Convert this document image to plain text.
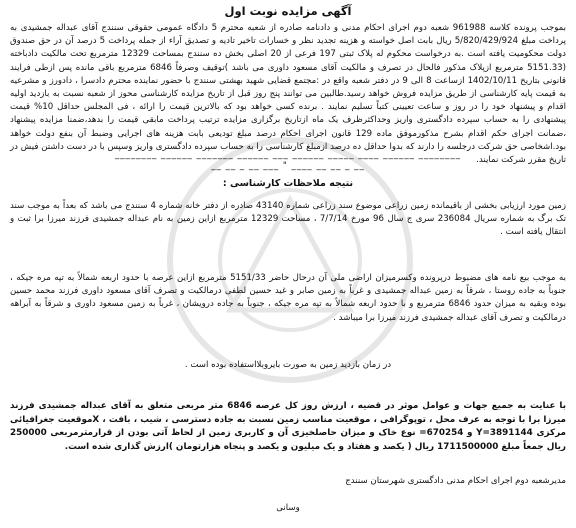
آگهی مزایده نوبت اول

بموجب پرونده کلاسه 961988 شعبه دوم اجرای احکام مدنی و دادنامه صادره از شعبه محترم 5 دادگاه عمومی حقوقی سنندج آقای عبداله جمشیدی به پرداخت مبلغ 5/820/429/924 ریال بابت اصل خواسته و هزینه تجدید نظر و خسارات تاخیر تادیه و تصدیق آراء از جمله پرداخت 5 درصد آن در حق صندوق دولت محکومیت یافته است .به درخواست محکوم له پلاک ثبتی 197 فرعی از 20 اصلی بخش ده سنندج بمساحت 12329 مترمربع تحت مالکیت دادباخته (5151.33 مترمربع ازپلاک مذکور فالحال در تصرف و مالکیت آقای مسعود داوری می باشد )توقیف وصرفاً 6846 مترمربع باقی مانده پس ازطی فرایند قانونی بتاریخ 1402/10/11 ازساعت 8 الی 9 در دفتر شعبه واقع در :مجتمع قضایی شهید بهشتی سنندج با حضور نماینده محترم دادسرا ، دادورز و مشرعیه به قیمت پایه کارشناسی از طریق مزایده فروش خواهد رسید.طالبین می توانند پنج روز قبل از تاریخ مزایده کارشناسی محوز از شعبه نسبت به بازدید اولیه اقدام و پیشنهاد خود را در روز و ساعت تعیینی کتباً تسلیم نمایند . برنده کسی خواهد بود که بالاترین قیمت را ارائه ، فی المجلس حداقل 10% قیمت پیشنهادی را به حساب سپرده دادگستری واریز وحداکثرظرف یک ماه ازتاریخ برگزاری مزایده ترتیب پرداخت مابقی قیمت را بدهد،ضمنا مزایده پیشنهاد ،ضمانت اجرای حکم اقدام بشرح مذکورموفق ماده 129 قانون اجرای احکام درصد مبلغ تودیعی بابت هزینه های اجرایی وضبط آن بنفع دولت خواهد بود.اشخاصی حق شرکت درجلسه را دارند که بدوا حداقل ده درصد ازمبلغ کارشناسی را به حساب سپرده دادگستری واریز وسپس با در دست داشتن فیش در تاریخ مقرر شرکت نمایند.

________ ______ ____ _____ ______ ___ ______ _______ ______ ________
__ _ __ __ ____ " ___ __ _ __ __
نتیجه ملاحظات کارشناسی :

زمین مورد ارزیابی بخشی از باقیمانده زمین زراعی موضوع سند زراعی شماره 43140 صادره از دفتر خانه شماره 4 سنندج می باشد که بعداً به موجب سند تک برگ به شماره سریال 236084 سری ج سال 96 مورخ 7/7/14 ، مساحت 12329 مترمربع ازاین زمین به نام عبداله جمشیدی فرزند میرزا برا ثبت و انتقال یافته است .

به موجب بیع نامه های مضبوط درپرونده وکسرمیزان اراضی ملی آن درحال حاضر 5151/33 مترمربع ازاین عرصه با حدود اربعه شمالاً به تپه مره جیکه ، جنوباً به جاده روستا ، شرقاً به زمین عبداله جمشیدی و غرباً به زمین صابر و غید حسین لطفی درمالکیت و تصرف آقای مسعود داوری فرزند محمد حسین بوده وبقیه به میزان حدود 6846 مترمربع و با حدود اربعه شمالاً به تپه مره جیکه ، جنوباً به جاده درویشان ، غرباً به زمین مسعود داوری و شرقاً به آبراهه درمالکیت و تصرف آقای عبداله جمشیدی فرزند میرزا برا میباشد .

در زمان بازدید زمین به صورت بایروبلااستفاده بوده است .

با عنایت به جمیع جهات و عوامل موثر در قضیه ، ارزش روز کل عرصه 6846 متر مربعی متعلق به آقای عبداله جمشیدی فرزند میرزا برا با توجه به عرف محل ، توپوگرافی ، موقعیت مناسب زمین نسبت به جاده دسترسی ، شیب ، بافت ، Xموقعیت جغرافیائی مرکزی 3891144=Y و 670254= نوع خاک و میزان حاصلخیزی آن و کاربری زمین از لحاظ آتی بودن از قرارمترمربعی 250000 ریال جمعاً مبلغ 1711500000 ریال ( یکصد و هفتاد و یک میلیون و یکصد و پنجاه هزارتومان )ارزش گذاری شده است.

مدیرشعبه دوم اجرای احکام مدنی دادگستری شهرستان سنندج

وسانی
